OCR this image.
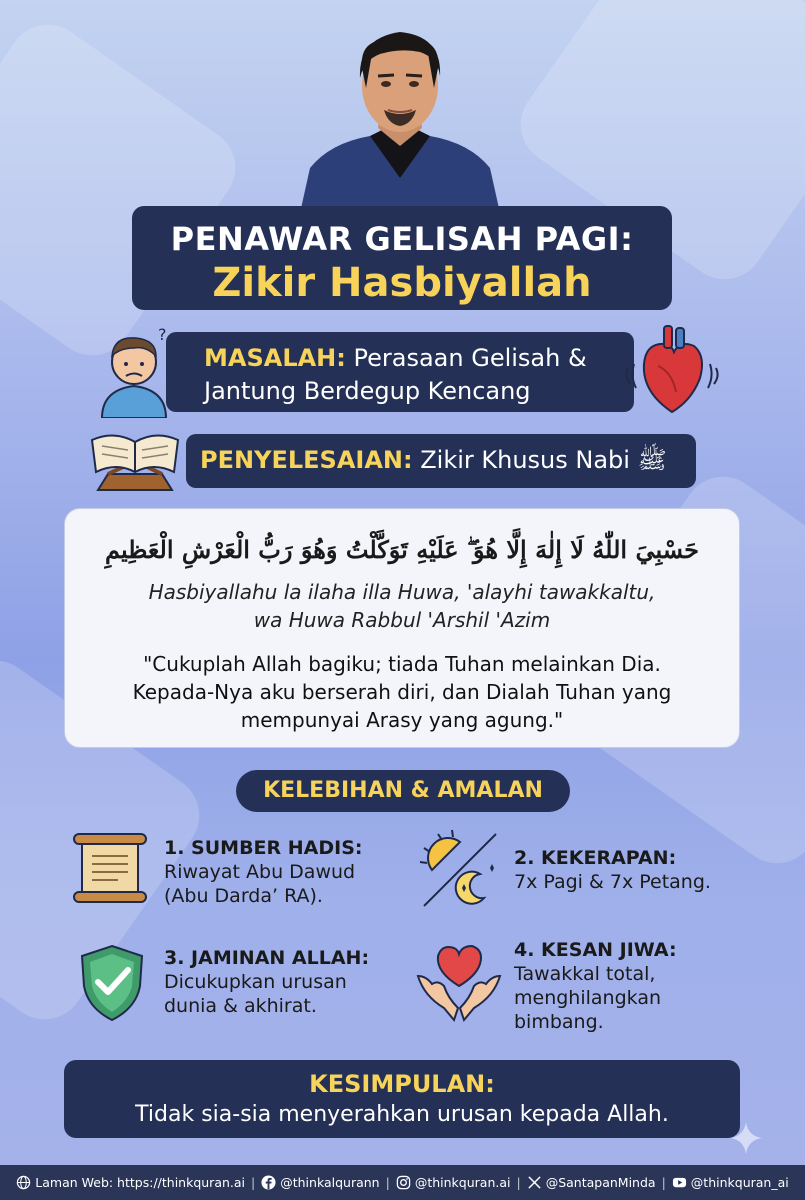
PENAWAR GELISAH PAGI:
Zikir Hasbiyallah
MASALAH: Perasaan Gelisah &
Jantung Berdegup Kencang
?
PENYELESAIAN: Zikir Khusus Nabi ﷺ
حَسْبِيَ اللّٰهُ لَا إِلٰهَ إِلَّا هُوَ ۖ عَلَيْهِ تَوَكَّلْتُ وَهُوَ رَبُّ الْعَرْشِ الْعَظِيمِ
Hasbiyallahu la ilaha illa Huwa, 'alayhi tawakkaltu,
wa Huwa Rabbul 'Arshil 'Azim
"Cukuplah Allah bagiku; tiada Tuhan melainkan Dia.
Kepada-Nya aku berserah diri, dan Dialah Tuhan yang
mempunyai Arasy yang agung."
KELEBIHAN & AMALAN
1. SUMBER HADIS:
Riwayat Abu Dawud
(Abu Darda’ RA).
2. KEKERAPAN:
7x Pagi & 7x Petang.
3. JAMINAN ALLAH:
Dicukupkan urusan
dunia & akhirat.
4. KESAN JIWA:
Tawakkal total,
menghilangkan
bimbang.
KESIMPULAN:
Tidak sia-sia menyerahkan urusan kepada Allah.
Laman Web: https://thinkquran.ai | @thinkalqurann | @thinkquran.ai | @SantapanMinda | @thinkquran_ai
